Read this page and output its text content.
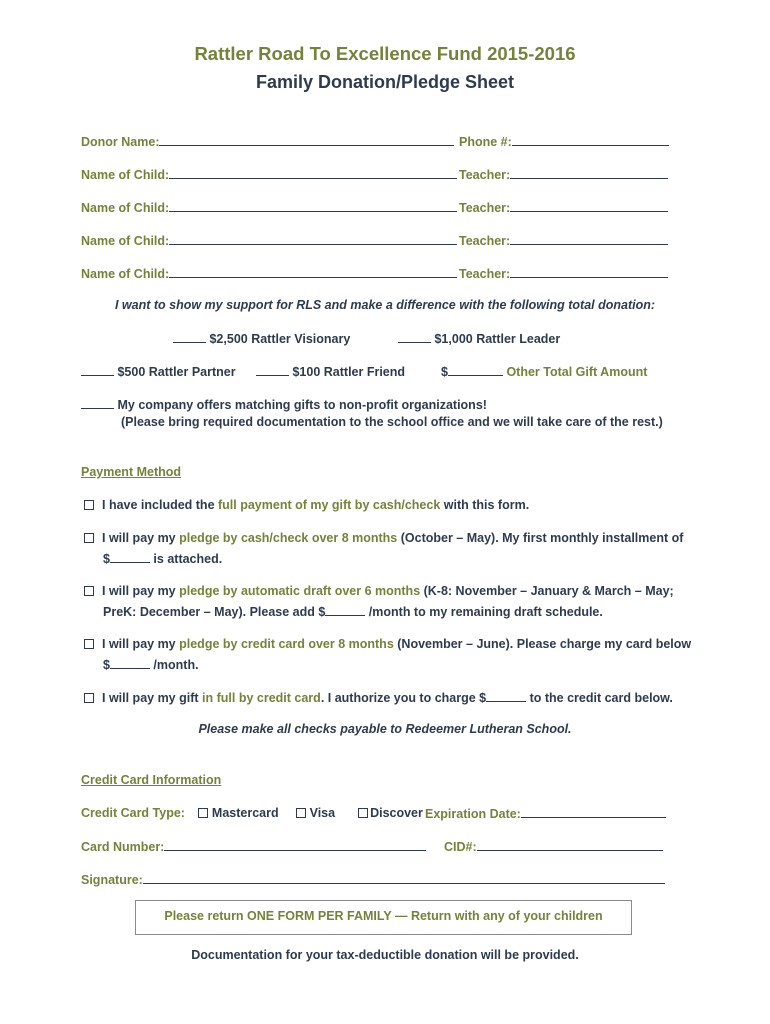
Rattler Road To Excellence Fund 2015-2016
Family Donation/Pledge Sheet
Donor Name:	Phone #:
Name of Child:	Teacher:
Name of Child:	Teacher:
Name of Child:	Teacher:
Name of Child:	Teacher:
I want to show my support for RLS and make a difference with the following total donation:
$2,500 Rattler Visionary	$1,000 Rattler Leader
$500 Rattler Partner	$100 Rattler Friend	$	Other Total Gift Amount
My company offers matching gifts to non-profit organizations!
(Please bring required documentation to the school office and we will take care of the rest.)
Payment Method
I have included the full payment of my gift by cash/check with this form.
I will pay my pledge by cash/check over 8 months (October – May). My first monthly installment of
$	is attached.
I will pay my pledge by automatic draft over 6 months (K-8: November – January & March – May;
PreK: December – May). Please add $	/month to my remaining draft schedule.
I will pay my pledge by credit card over 8 months (November – June). Please charge my card below
$	/month.
I will pay my gift in full by credit card. I authorize you to charge $	to the credit card below.
Please make all checks payable to Redeemer Lutheran School.
Credit Card Information
Credit Card Type: Mastercard Visa	Discover Expiration Date:
Card Number:	CID#:
Signature:
Please return ONE FORM PER FAMILY — Return with any of your children
Documentation for your tax-deductible donation will be provided.
